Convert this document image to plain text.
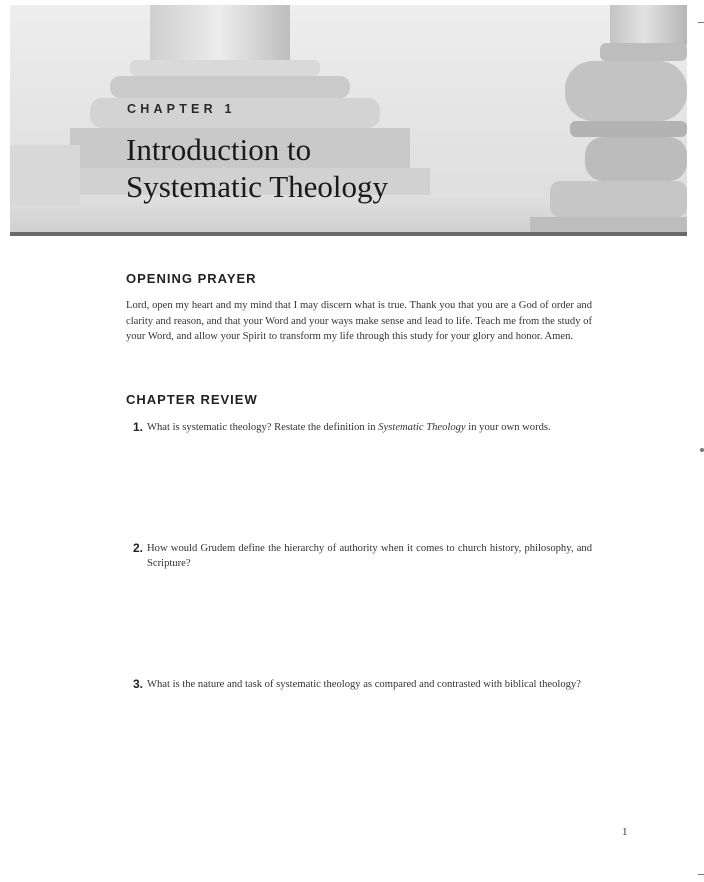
CHAPTER 1
Introduction to
Systematic Theology
OPENING PRAYER

Lord, open my heart and my mind that I may discern what is true. Thank you that you are a God of order and clarity and reason, and that your Word and your ways make sense and lead to life. Teach me from the study of your Word, and allow your Spirit to transform my life through this study for your glory and honor. Amen.

CHAPTER REVIEW
1. What is systematic theology? Restate the definition in Systematic Theology in your own words.
2. How would Grudem define the hierarchy of authority when it comes to church history, philosophy, and Scripture?
3. What is the nature and task of systematic theology as compared and contrasted with biblical theology?
1
